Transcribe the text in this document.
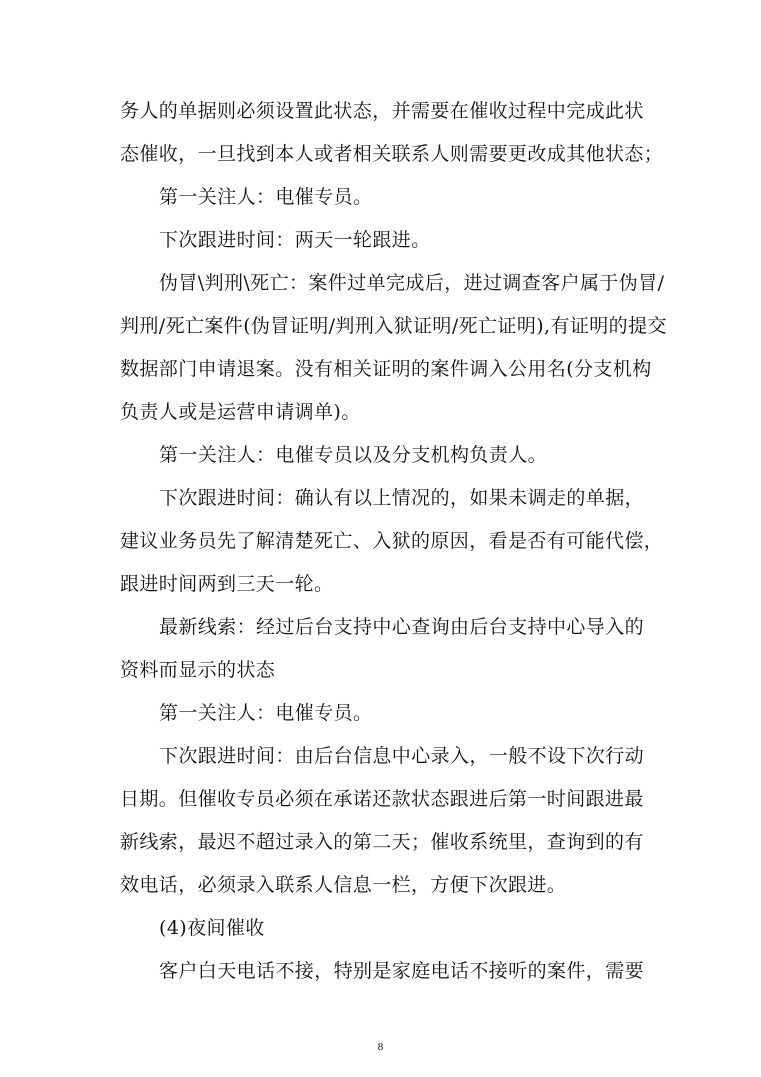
务人的单据则必须设置此状态，并需要在催收过程中完成此状
态催收，一旦找到本人或者相关联系人则需要更改成其他状态；
第一关注人：电催专员。
下次跟进时间：两天一轮跟进。
伪冒\判刑\死亡：案件过单完成后，进过调查客户属于伪冒/
判刑/死亡案件(伪冒证明/判刑入狱证明/死亡证明),有证明的提交
数据部门申请退案。没有相关证明的案件调入公用名(分支机构
负责人或是运营申请调单)。
第一关注人：电催专员以及分支机构负责人。
下次跟进时间：确认有以上情况的，如果未调走的单据，
建议业务员先了解清楚死亡、入狱的原因，看是否有可能代偿，
跟进时间两到三天一轮。
最新线索：经过后台支持中心查询由后台支持中心导入的
资料而显示的状态
第一关注人：电催专员。
下次跟进时间：由后台信息中心录入，一般不设下次行动
日期。但催收专员必须在承诺还款状态跟进后第一时间跟进最
新线索，最迟不超过录入的第二天；催收系统里，查询到的有
效电话，必须录入联系人信息一栏，方便下次跟进。
(4)夜间催收
客户白天电话不接，特别是家庭电话不接听的案件，需要
8
